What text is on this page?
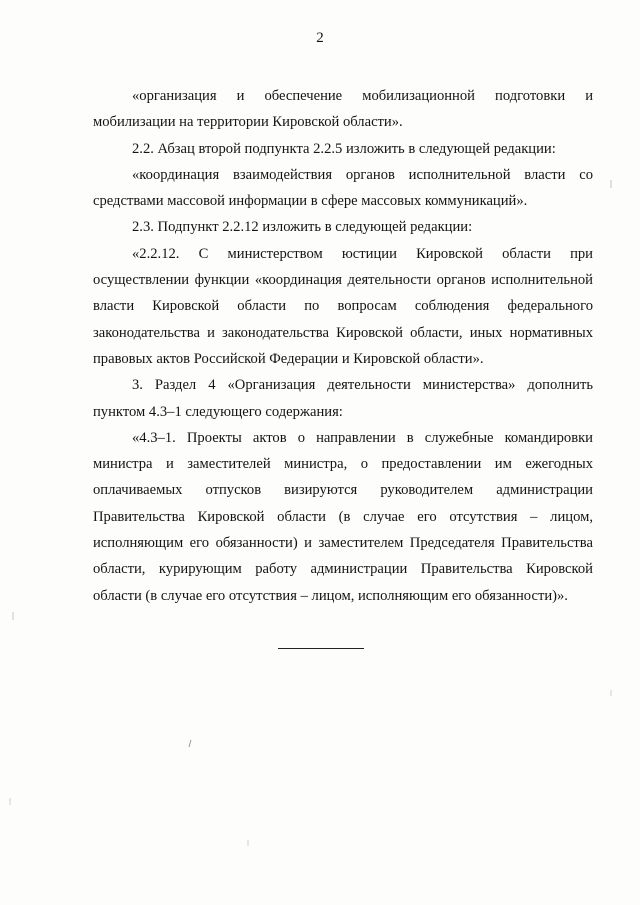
2

«организация и обеспечение мобилизационной подготовки и мобилизации на территории Кировской области».

2.2. Абзац второй подпункта 2.2.5 изложить в следующей редакции:

«координация взаимодействия органов исполнительной власти со средствами массовой информации в сфере массовых коммуникаций».

2.3. Подпункт 2.2.12 изложить в следующей редакции:

«2.2.12. С министерством юстиции Кировской области при осуществлении функции «координация деятельности органов исполнительной власти Кировской области по вопросам соблюдения федерального законодательства и законодательства Кировской области, иных нормативных правовых актов Российской Федерации и Кировской области».

3. Раздел 4 «Организация деятельности министерства» дополнить пунктом 4.3–1 следующего содержания:

«4.3–1. Проекты актов о направлении в служебные командировки министра и заместителей министра, о предоставлении им ежегодных оплачиваемых отпусков визируются руководителем администрации Правительства Кировской области (в случае его отсутствия – лицом, исполняющим его обязанности) и заместителем Председателя Правительства области, курирующим работу администрации Правительства Кировской области (в случае его отсутствия – лицом, исполняющим его обязанности)».
